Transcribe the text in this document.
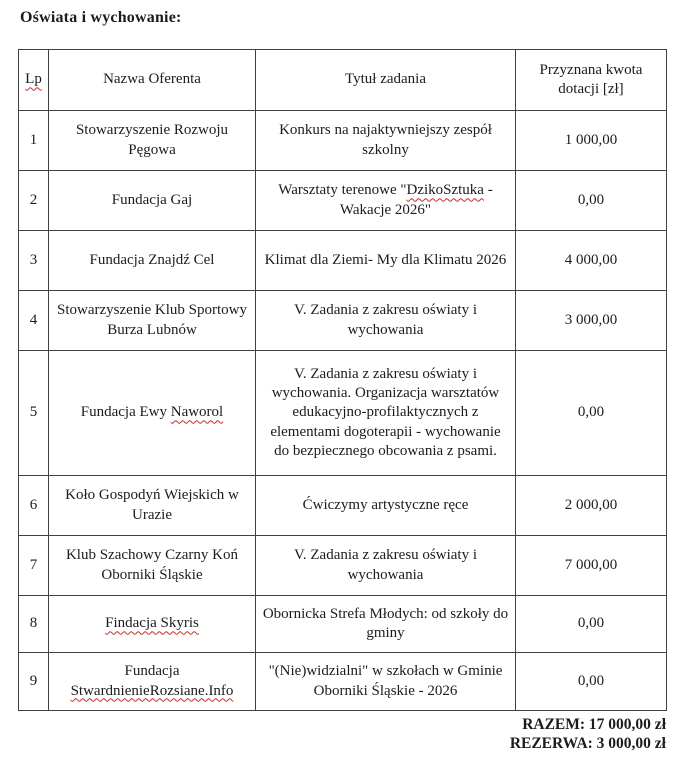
Oświata i wychowanie:
Lp	Nazwa Oferenta	Tytuł zadania	Przyznana kwota dotacji [zł]
1	Stowarzyszenie Rozwoju Pęgowa	Konkurs na najaktywniejszy zespół szkolny	1 000,00
2	Fundacja Gaj	Warsztaty terenowe "DzikoSztuka - Wakacje 2026"	0,00
3	Fundacja Znajdź Cel	Klimat dla Ziemi- My dla Klimatu 2026	4 000,00
4	Stowarzyszenie Klub Sportowy Burza Lubnów	V. Zadania z zakresu oświaty i wychowania	3 000,00
5	Fundacja Ewy Naworol	V. Zadania z zakresu oświaty i wychowania. Organizacja warsztatów edukacyjno-profilaktycznych z elementami dogoterapii - wychowanie do bezpiecznego obcowania z psami.	0,00
6	Koło Gospodyń Wiejskich w Urazie	Ćwiczymy artystyczne ręce	2 000,00
7	Klub Szachowy Czarny Koń Oborniki Śląskie	V. Zadania z zakresu oświaty i wychowania	7 000,00
8	Findacja Skyris	Obornicka Strefa Młodych: od szkoły do gminy	0,00
9	Fundacja StwardnienieRozsiane.Info	"(Nie)widzialni" w szkołach w Gminie Oborniki Śląskie - 2026	0,00
RAZEM: 17 000,00 zł
REZERWA: 3 000,00 zł
